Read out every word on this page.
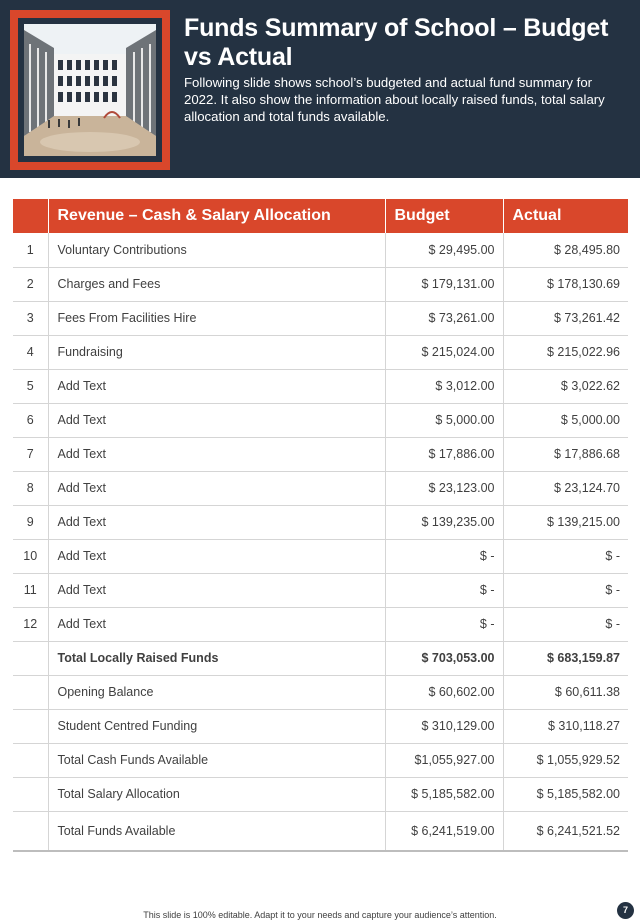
Funds Summary of School – Budget vs Actual
Following slide shows school’s budgeted and actual fund summary for 2022. It also show the information about locally raised funds, total salary allocation and total funds available.
	Revenue – Cash & Salary Allocation	Budget	Actual
1	Voluntary Contributions	$ 29,495.00	$ 28,495.80
2	Charges and Fees	$ 179,131.00	$ 178,130.69
3	Fees From Facilities Hire	$ 73,261.00	$ 73,261.42
4	Fundraising	$ 215,024.00	$ 215,022.96
5	Add Text	$ 3,012.00	$ 3,022.62
6	Add Text	$ 5,000.00	$ 5,000.00
7	Add Text	$ 17,886.00	$ 17,886.68
8	Add Text	$ 23,123.00	$ 23,124.70
9	Add Text	$ 139,235.00	$ 139,215.00
10	Add Text	$ -	$ -
11	Add Text	$ -	$ -
12	Add Text	$ -	$ -
	Total Locally Raised Funds	$ 703,053.00	$ 683,159.87
	Opening Balance	$ 60,602.00	$ 60,611.38
	Student Centred Funding	$ 310,129.00	$ 310,118.27
	Total Cash Funds Available	$1,055,927.00	$ 1,055,929.52
	Total Salary Allocation	$ 5,185,582.00	$ 5,185,582.00
	Total Funds Available	$ 6,241,519.00	$ 6,241,521.52
This slide is 100% editable. Adapt it to your needs and capture your audience’s attention.	7
